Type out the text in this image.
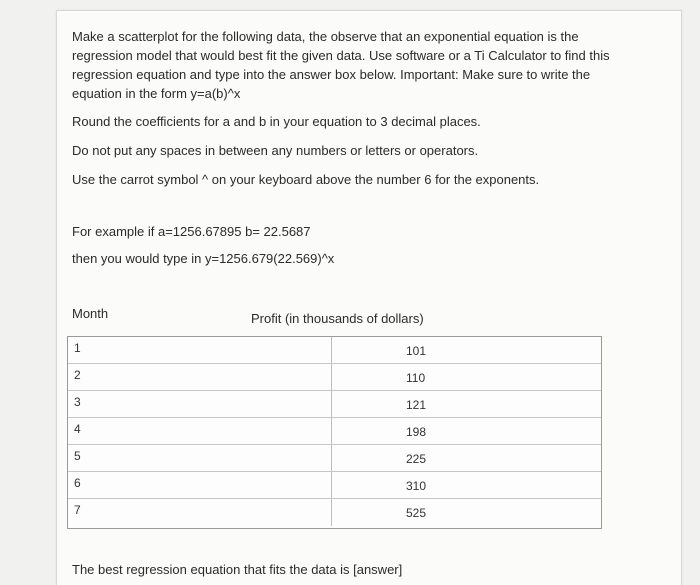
Make a scatterplot for the following data, the observe that an exponential equation is the regression model that would best fit the given data. Use software or a Ti Calculator to find this regression equation and type into the answer box below. Important: Make sure to write the equation in the form y=a(b)^x
Round the coefficients for a and b in your equation to 3 decimal places.
Do not put any spaces in between any numbers or letters or operators.
Use the carrot symbol ^ on your keyboard above the number 6 for the exponents.
For example if a=1256.67895 b= 22.5687
then you would type in y=1256.679(22.569)^x
Month	Profit (in thousands of dollars)
1	101
2	110
3	121
4	198
5	225
6	310
7	525
The best regression equation that fits the data is [answer]
